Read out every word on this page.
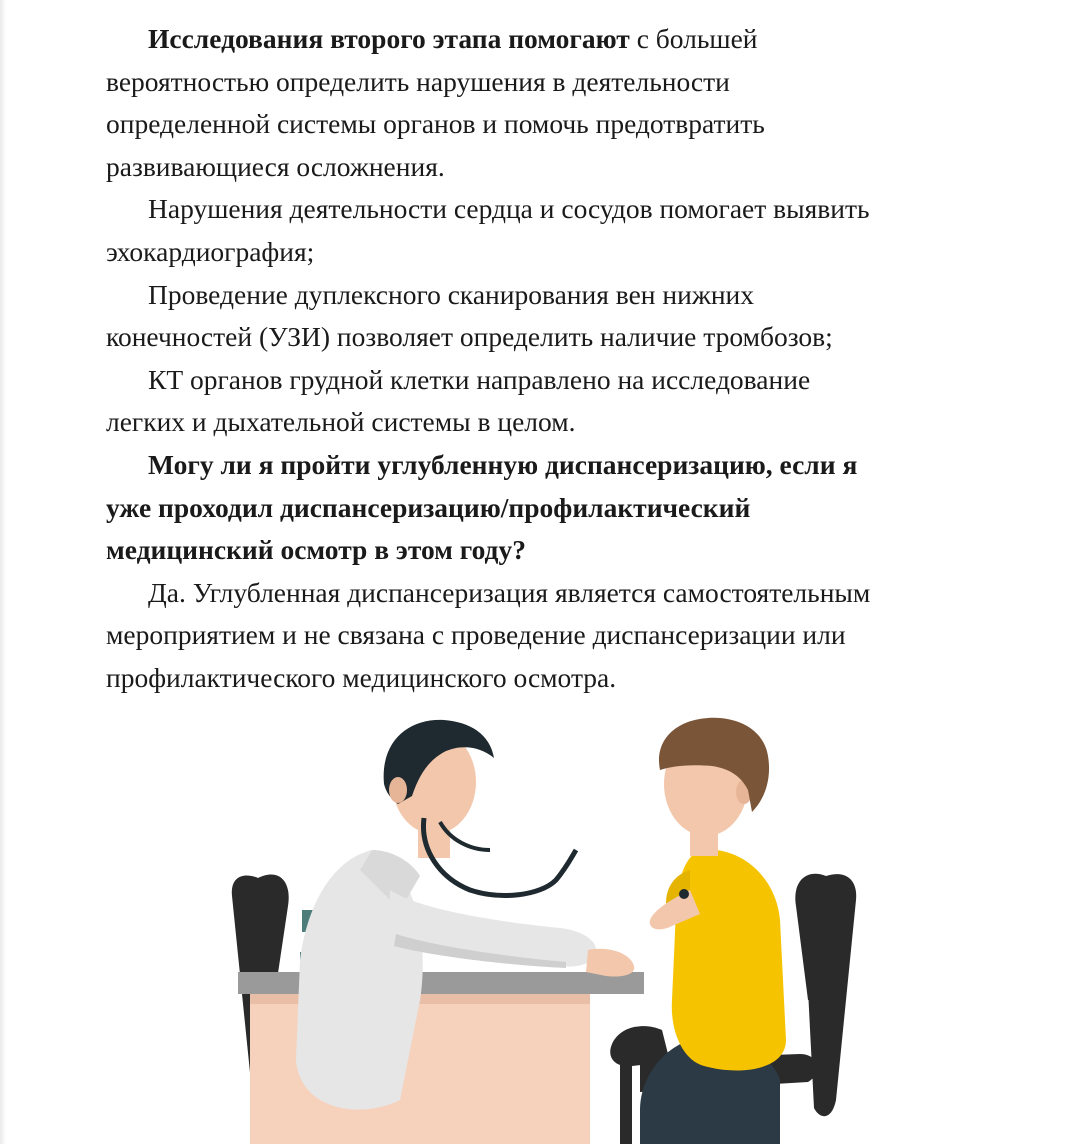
Исследования второго этапа помогают с большей
вероятностью определить нарушения в деятельности
определенной системы органов и помочь предотвратить
развивающиеся осложнения.
Нарушения деятельности сердца и сосудов помогает выявить
эхокардиография;
Проведение дуплексного сканирования вен нижних
конечностей (УЗИ) позволяет определить наличие тромбозов;
КТ органов грудной клетки направлено на исследование
легких и дыхательной системы в целом.
Могу ли я пройти углубленную диспансеризацию, если я
уже проходил диспансеризацию/профилактический
медицинский осмотр в этом году?
Да. Углубленная диспансеризация является самостоятельным
мероприятием и не связана с проведение диспансеризации или
профилактического медицинского осмотра.
